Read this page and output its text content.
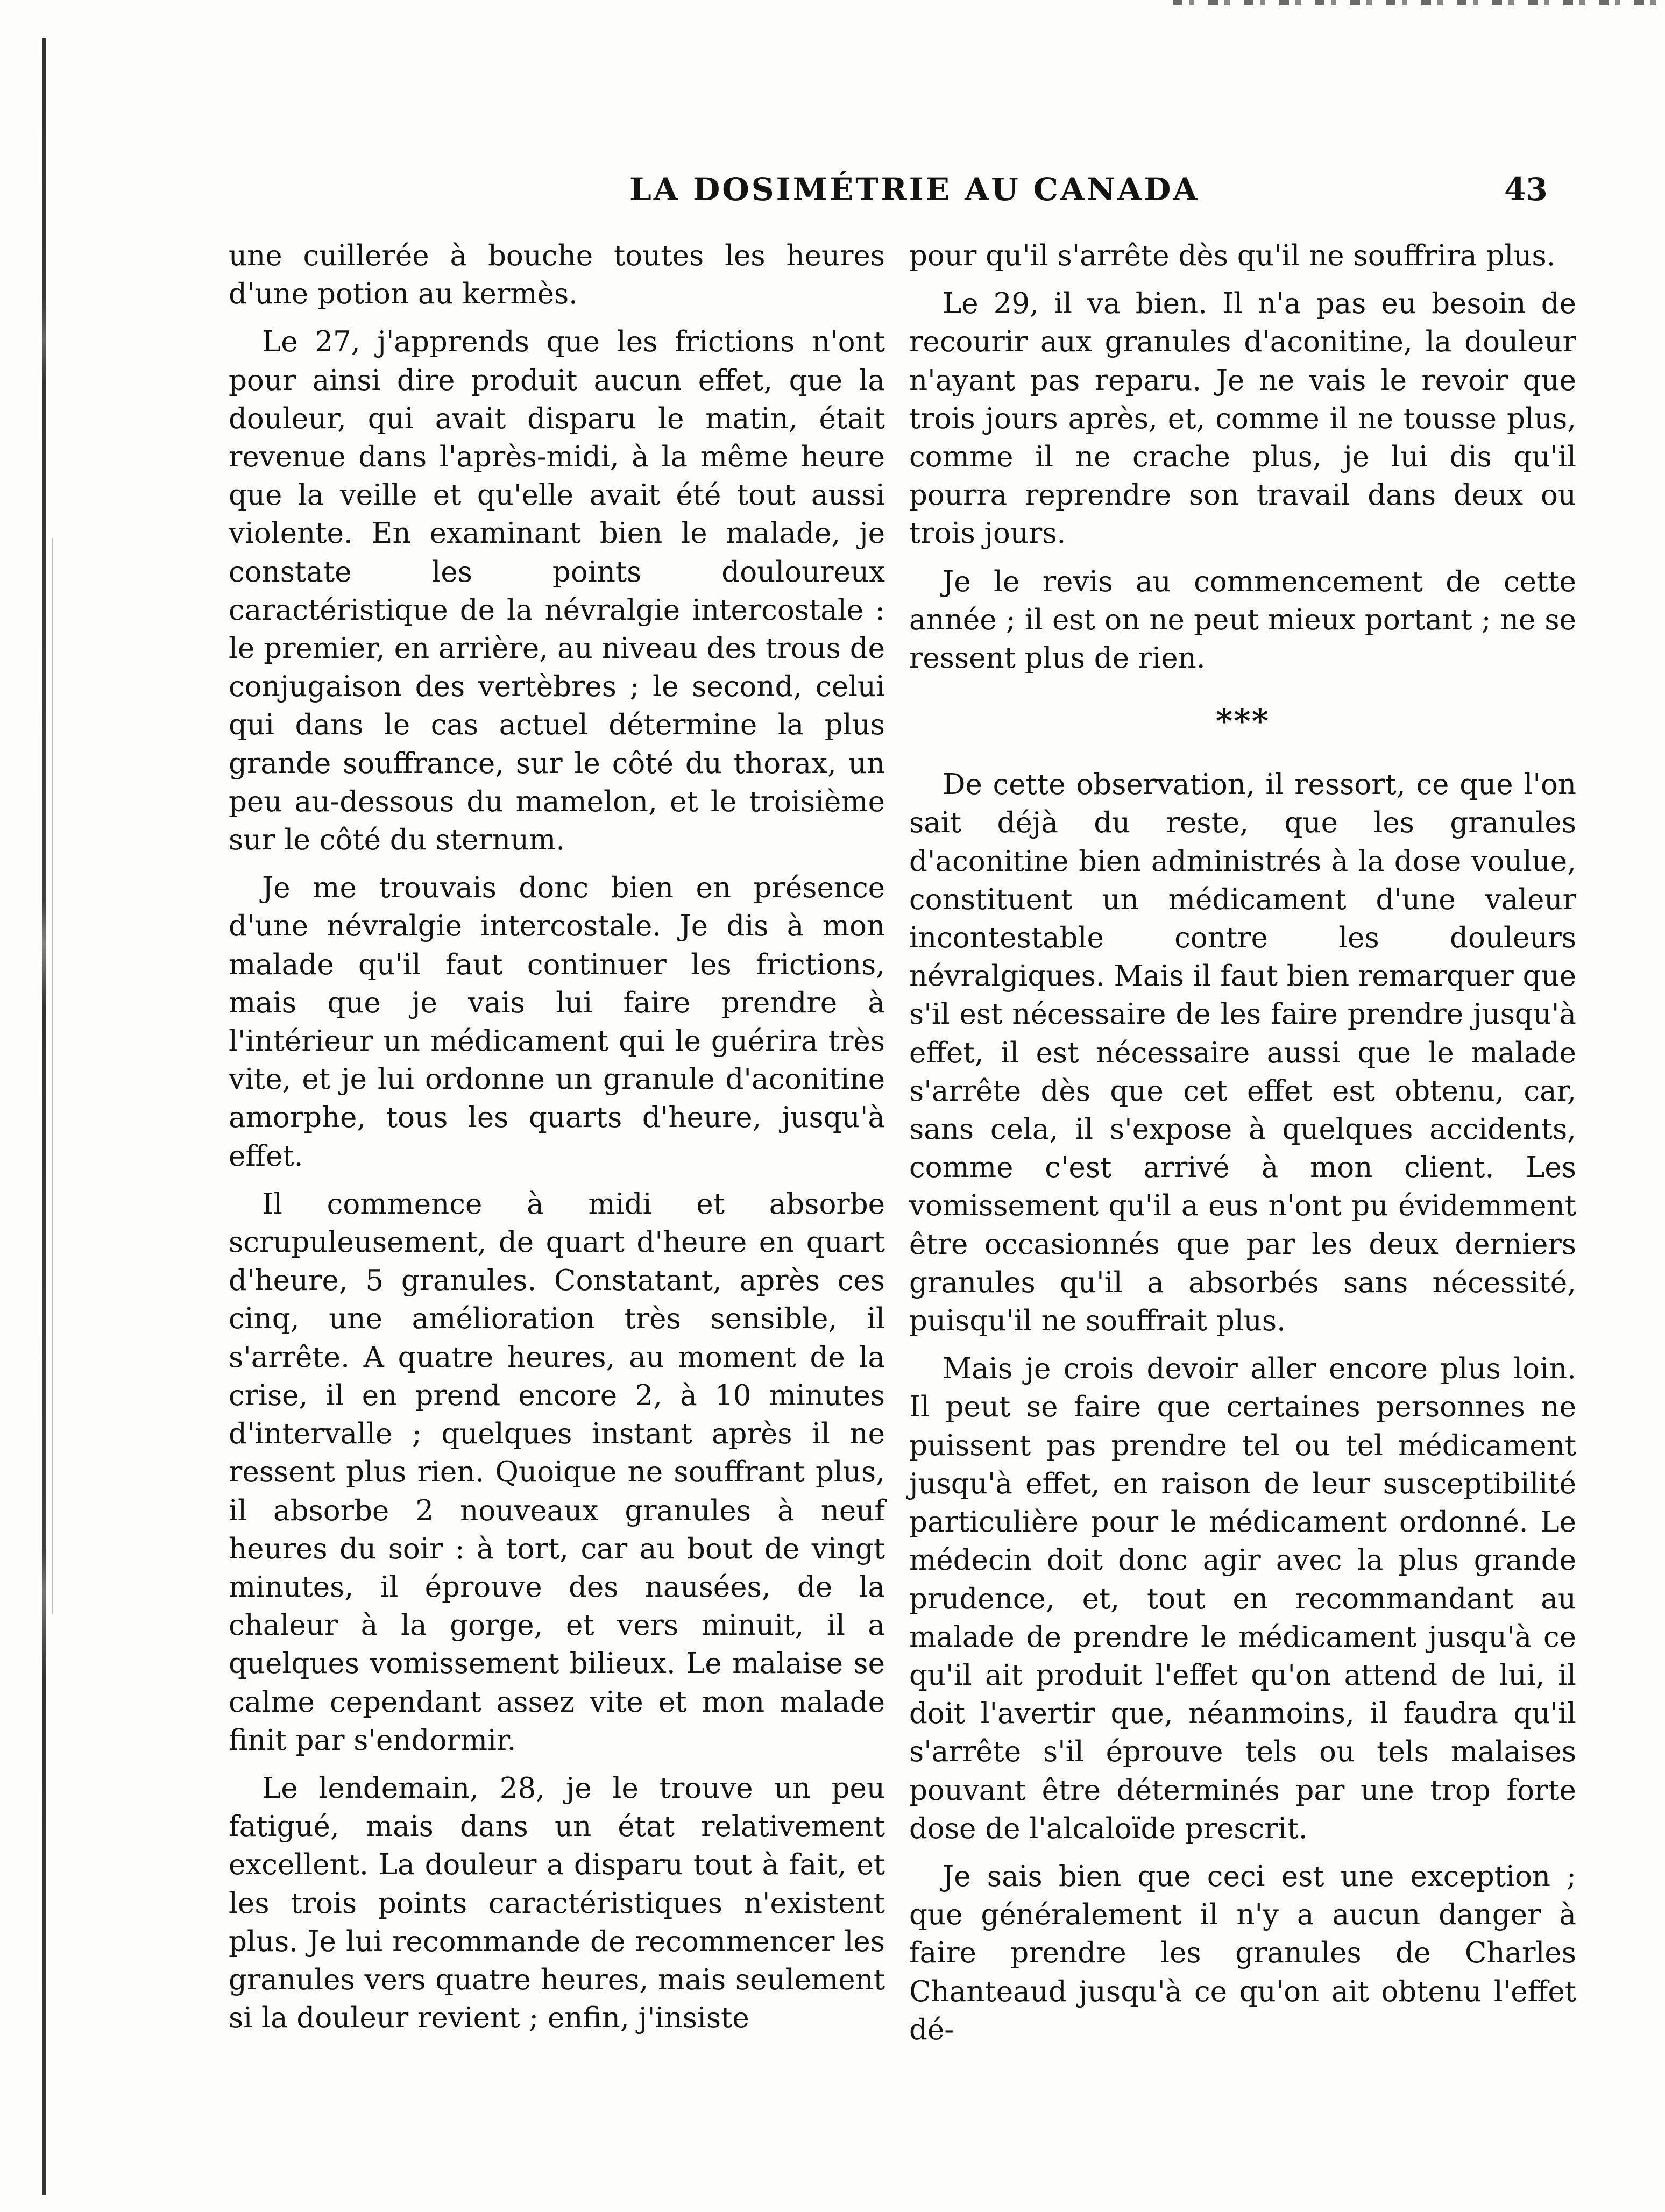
LA DOSIMÉTRIE AU CANADA	43

une cuillerée à bouche toutes les heures d'une potion au kermès.

Le 27, j'apprends que les frictions n'ont pour ainsi dire produit aucun effet, que la douleur, qui avait disparu le matin, était revenue dans l'après-midi, à la même heure que la veille et qu'elle avait été tout aussi violente. En examinant bien le malade, je constate les points douloureux caractéristique de la névralgie intercostale : le premier, en arrière, au niveau des trous de conjugaison des vertèbres ; le second, celui qui dans le cas actuel détermine la plus grande souffrance, sur le côté du thorax, un peu au-dessous du mamelon, et le troisième sur le côté du sternum.

Je me trouvais donc bien en présence d'une névralgie intercostale. Je dis à mon malade qu'il faut continuer les frictions, mais que je vais lui faire prendre à l'intérieur un médicament qui le guérira très vite, et je lui ordonne un granule d'aconitine amorphe, tous les quarts d'heure, jusqu'à effet.

Il commence à midi et absorbe scrupuleusement, de quart d'heure en quart d'heure, 5 granules. Constatant, après ces cinq, une amélioration très sensible, il s'arrête. A quatre heures, au moment de la crise, il en prend encore 2, à 10 minutes d'intervalle ; quelques instant après il ne ressent plus rien. Quoique ne souffrant plus, il absorbe 2 nouveaux granules à neuf heures du soir : à tort, car au bout de vingt minutes, il éprouve des nausées, de la chaleur à la gorge, et vers minuit, il a quelques vomissement bilieux. Le malaise se calme cependant assez vite et mon malade finit par s'endormir.

Le lendemain, 28, je le trouve un peu fatigué, mais dans un état relativement excellent. La douleur a disparu tout à fait, et les trois points caractéristiques n'existent plus. Je lui recommande de recommencer les granules vers quatre heures, mais seulement si la douleur revient ; enfin, j'insiste

pour qu'il s'arrête dès qu'il ne souffrira plus.

Le 29, il va bien. Il n'a pas eu besoin de recourir aux granules d'aconitine, la douleur n'ayant pas reparu. Je ne vais le revoir que trois jours après, et, comme il ne tousse plus, comme il ne crache plus, je lui dis qu'il pourra reprendre son travail dans deux ou trois jours.

Je le revis au commencement de cette année ; il est on ne peut mieux portant ; ne se ressent plus de rien.

***

De cette observation, il ressort, ce que l'on sait déjà du reste, que les granules d'aconitine bien administrés à la dose voulue, constituent un médicament d'une valeur incontestable contre les douleurs névralgiques. Mais il faut bien remarquer que s'il est nécessaire de les faire prendre jusqu'à effet, il est nécessaire aussi que le malade s'arrête dès que cet effet est obtenu, car, sans cela, il s'expose à quelques accidents, comme c'est arrivé à mon client. Les vomissement qu'il a eus n'ont pu évidemment être occasionnés que par les deux derniers granules qu'il a absorbés sans nécessité, puisqu'il ne souffrait plus.

Mais je crois devoir aller encore plus loin. Il peut se faire que certaines personnes ne puissent pas prendre tel ou tel médicament jusqu'à effet, en raison de leur susceptibilité particulière pour le médicament ordonné. Le médecin doit donc agir avec la plus grande prudence, et, tout en recommandant au malade de prendre le médicament jusqu'à ce qu'il ait produit l'effet qu'on attend de lui, il doit l'avertir que, néanmoins, il faudra qu'il s'arrête s'il éprouve tels ou tels malaises pouvant être déterminés par une trop forte dose de l'alcaloïde prescrit.

Je sais bien que ceci est une exception ; que généralement il n'y a aucun danger à faire prendre les granules de Charles Chanteaud jusqu'à ce qu'on ait obtenu l'effet dé-
